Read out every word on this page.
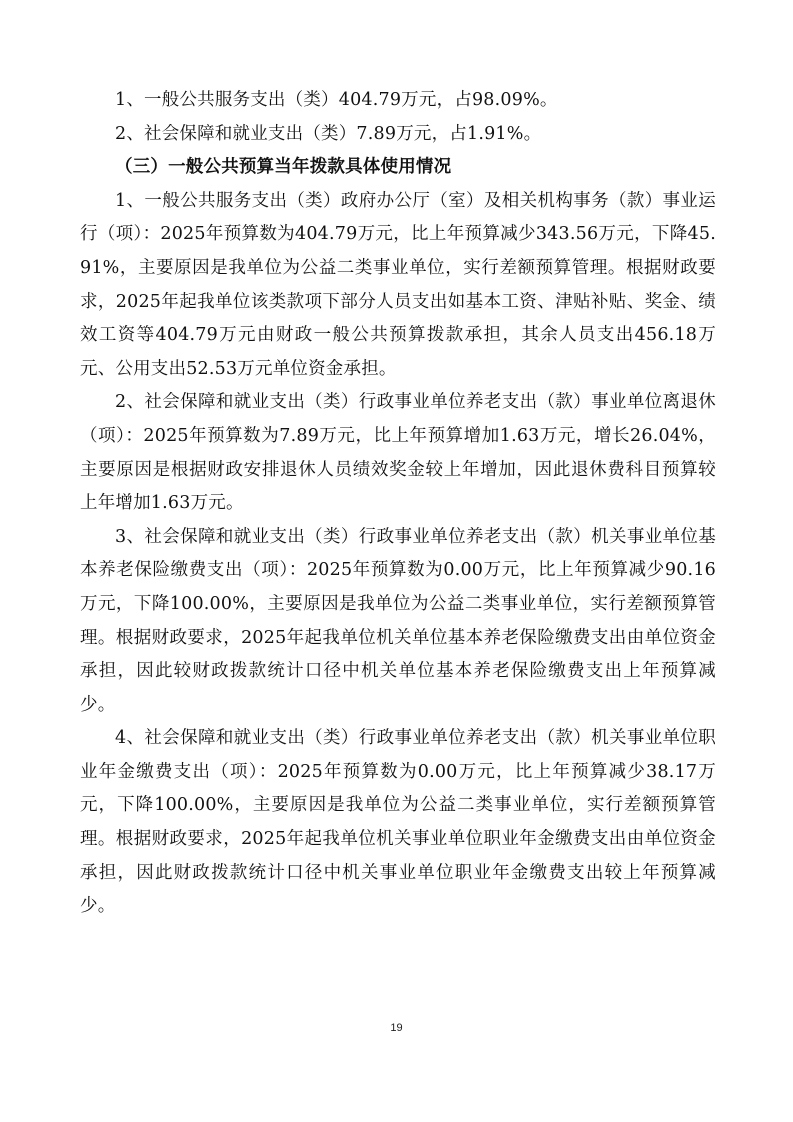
1、一般公共服务支出（类）404.79万元，占98.09%。

2、社会保障和就业支出（类）7.89万元，占1.91%。

（三）一般公共预算当年拨款具体使用情况

1、一般公共服务支出（类）政府办公厅（室）及相关机构事务（款）事业运行（项）：2025年预算数为404.79万元，比上年预算减少343.56万元，下降45.91%，主要原因是我单位为公益二类事业单位，实行差额预算管理。根据财政要求，2025年起我单位该类款项下部分人员支出如基本工资、津贴补贴、奖金、绩效工资等404.79万元由财政一般公共预算拨款承担，其余人员支出456.18万元、公用支出52.53万元单位资金承担。

2、社会保障和就业支出（类）行政事业单位养老支出（款）事业单位离退休（项）：2025年预算数为7.89万元，比上年预算增加1.63万元，增长26.04%，主要原因是根据财政安排退休人员绩效奖金较上年增加，因此退休费科目预算较上年增加1.63万元。

3、社会保障和就业支出（类）行政事业单位养老支出（款）机关事业单位基本养老保险缴费支出（项）：2025年预算数为0.00万元，比上年预算减少90.16万元，下降100.00%，主要原因是我单位为公益二类事业单位，实行差额预算管理。根据财政要求，2025年起我单位机关单位基本养老保险缴费支出由单位资金承担，因此较财政拨款统计口径中机关单位基本养老保险缴费支出上年预算减少。

4、社会保障和就业支出（类）行政事业单位养老支出（款）机关事业单位职业年金缴费支出（项）：2025年预算数为0.00万元，比上年预算减少38.17万元，下降100.00%，主要原因是我单位为公益二类事业单位，实行差额预算管理。根据财政要求，2025年起我单位机关事业单位职业年金缴费支出由单位资金承担，因此财政拨款统计口径中机关事业单位职业年金缴费支出较上年预算减少。

19
